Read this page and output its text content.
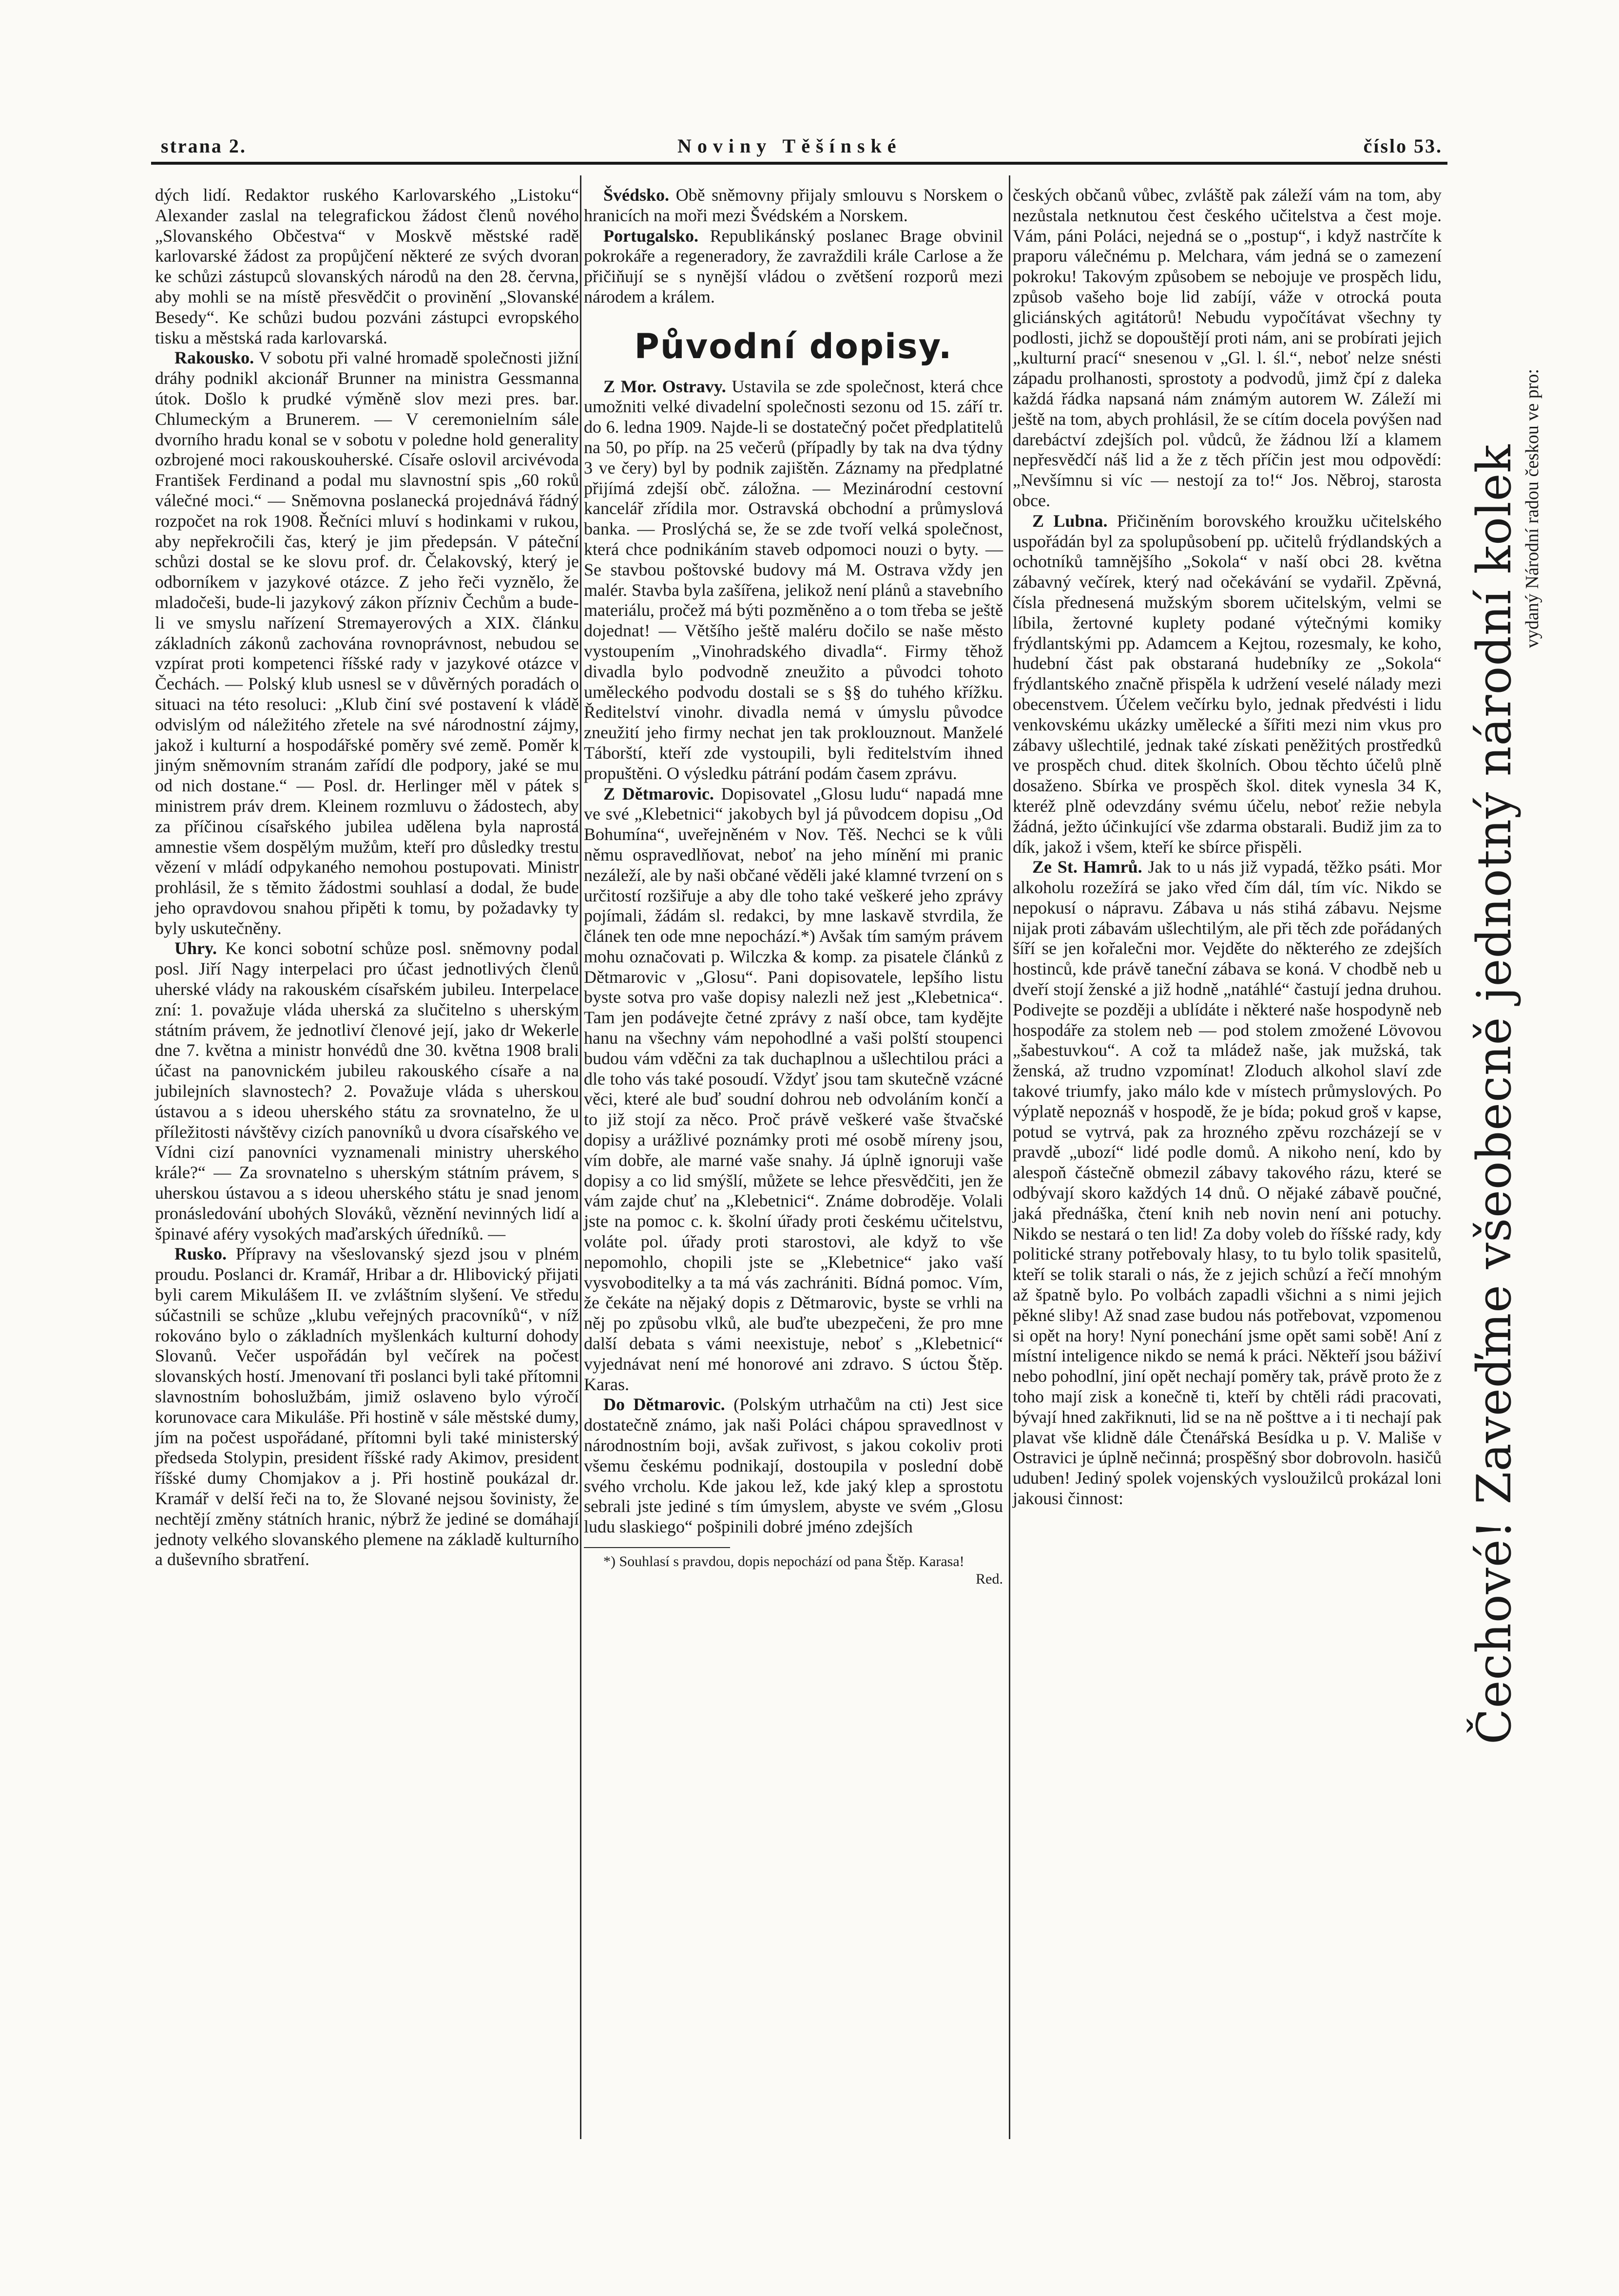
strana 2.	Noviny Těšínské	číslo 53.

dých lidí. Redaktor ruského Karlovarského „Listoku“ Alexander zaslal na telegrafickou žádost členů nového „Slovanského Občestva“ v Moskvě městské radě karlovarské žádost za propůjčení některé ze svých dvoran ke schůzi zástupců slovanských národů na den 28. června, aby mohli se na místě přesvědčit o provinění „Slovanské Besedy“. Ke schůzi budou pozváni zástupci evropského tisku a městská rada karlovarská.

Rakousko. V sobotu při valné hromadě společnosti jižní dráhy podnikl akcionář Brunner na ministra Gessmanna útok. Došlo k prudké výměně slov mezi pres. bar. Chlumeckým a Brunerem. — V ceremonielním sále dvorního hradu konal se v sobotu v poledne hold generality ozbrojené moci rakouskouherské. Císaře oslovil arcivévoda František Ferdinand a podal mu slavnostní spis „60 roků válečné moci.“ — Sněmovna poslanecká projednává řádný rozpočet na rok 1908. Řečníci mluví s hodinkami v rukou, aby nepřekročili čas, který je jim předepsán. V páteční schůzi dostal se ke slovu prof. dr. Čelakovský, který je odborníkem v jazykové otázce. Z jeho řeči vyznělo, že mladočeši, bude-li jazykový zákon přízniv Čechům a bude-li ve smyslu nařízení Stremayerových a XIX. článku základních zákonů zachována rovnoprávnost, nebudou se vzpírat proti kompetenci říšské rady v jazykové otázce v Čechách. — Polský klub usnesl se v důvěrných poradách o situaci na této resoluci: „Klub činí své postavení k vládě odvislým od náležitého zřetele na své národnostní zájmy, jakož i kulturní a hospodářské poměry své země. Poměr k jiným sněmovním stranám zařídí dle podpory, jaké se mu od nich dostane.“ — Posl. dr. Herlinger měl v pátek s ministrem práv drem. Kleinem rozmluvu o žádostech, aby za příčinou císařského jubilea udělena byla naprostá amnestie všem dospělým mužům, kteří pro důsledky trestu vězení v mládí odpykaného nemohou postupovati. Ministr prohlásil, že s těmito žádostmi souhlasí a dodal, že bude jeho opravdovou snahou připěti k tomu, by požadavky ty byly uskutečněny.

Uhry. Ke konci sobotní schůze posl. sněmovny podal posl. Jiří Nagy interpelaci pro účast jednotlivých členů uherské vlády na rakouském císařském jubileu. Interpelace zní: 1. považuje vláda uherská za slučitelno s uherským státním právem, že jednotliví členové její, jako dr Wekerle dne 7. května a ministr honvédů dne 30. května 1908 brali účast na panovnickém jubileu rakouského císaře a na jubilejních slavnostech? 2. Považuje vláda s uherskou ústavou a s ideou uherského státu za srovnatelno, že u příležitosti návštěvy cizích panovníků u dvora císařského ve Vídni cizí panovníci vyznamenali ministry uherského krále?“ — Za srovnatelno s uherským státním právem, s uherskou ústavou a s ideou uherského státu je snad jenom pronásledování ubohých Slováků, věznění nevinných lidí a špinavé aféry vysokých maďarských úředníků. —

Rusko. Přípravy na všeslovanský sjezd jsou v plném proudu. Poslanci dr. Kramář, Hribar a dr. Hlibovický přijati byli carem Mikulášem II. ve zvláštním slyšení. Ve středu súčastnili se schůze „klubu veřejných pracovníků“, v níž rokováno bylo o základních myšlenkách kulturní dohody Slovanů. Večer uspořádán byl večírek na počest slovanských hostí. Jmenovaní tři poslanci byli také přítomni slavnostním bohoslužbám, jimiž oslaveno bylo výročí korunovace cara Mikuláše. Při hostině v sále městské dumy, jím na počest uspořádané, přítomni byli také ministerský předseda Stolypin, president říšské rady Akimov, president říšské dumy Chomjakov a j. Při hostině poukázal dr. Kramář v delší řeči na to, že Slované nejsou šovinisty, že nechtějí změny státních hranic, nýbrž že jediné se domáhají jednoty velkého slovanského plemene na základě kulturního a duševního sbratření.

Švédsko. Obě sněmovny přijaly smlouvu s Norskem o hranicích na moři mezi Švédském a Norskem.

Portugalsko. Republikánský poslanec Brage obvinil pokrokáře a regeneradory, že zavraždili krále Carlose a že přičiňují se s nynější vládou o zvětšení rozporů mezi národem a králem.

Původní dopisy.

Z Mor. Ostravy. Ustavila se zde společnost, která chce umožniti velké divadelní společnosti sezonu od 15. září tr. do 6. ledna 1909. Najde-li se dostatečný počet předplatitelů na 50, po příp. na 25 večerů (případly by tak na dva týdny 3 ve čery) byl by podnik zajištěn. Záznamy na předplatné přijímá zdejší obč. záložna. — Mezinárodní cestovní kancelář zřídila mor. Ostravská obchodní a průmyslová banka. — Proslýchá se, že se zde tvoří velká společnost, která chce podnikáním staveb odpomoci nouzi o byty. — Se stavbou poštovské budovy má M. Ostrava vždy jen malér. Stavba byla zašířena, jelikož není plánů a stavebního materiálu, pročež má býti pozměněno a o tom třeba se ještě dojednat! — Většího ještě maléru dočilo se naše město vystoupením „Vinohradského divadla“. Firmy těhož divadla bylo podvodně zneužito a původci tohoto uměleckého podvodu dostali se s §§ do tuhého křížku. Ředitelství vinohr. divadla nemá v úmyslu původce zneužití jeho firmy nechat jen tak proklouznout. Manželé Táborští, kteří zde vystoupili, byli ředitelstvím ihned propuštěni. O výsledku pátrání podám časem zprávu.

Z Dětmarovic. Dopisovatel „Glosu ludu“ napadá mne ve své „Klebetnici“ jakobych byl já původcem dopisu „Od Bohumína“, uveřejněném v Nov. Těš. Nechci se k vůli němu ospravedlňovat, neboť na jeho mínění mi pranic nezáleží, ale by naši občané věděli jaké klamné tvrzení on s určitostí rozšiřuje a aby dle toho také veškeré jeho zprávy pojímali, žádám sl. redakci, by mne laskavě stvrdila, že článek ten ode mne nepochází.*) Avšak tím samým právem mohu označovati p. Wilczka & komp. za pisatele článků z Dětmarovic v „Glosu“. Pani dopisovatele, lepšího listu byste sotva pro vaše dopisy nalezli než jest „Klebetnica“. Tam jen podávejte četné zprávy z naší obce, tam kydějte hanu na všechny vám nepohodlné a vaši polští stoupenci budou vám vděčni za tak duchaplnou a ušlechtilou práci a dle toho vás také posoudí. Vždyť jsou tam skutečně vzácné věci, které ale buď soudní dohrou neb odvoláním končí a to již stojí za něco. Proč právě veškeré vaše štvačské dopisy a urážlivé poznámky proti mé osobě míreny jsou, vím dobře, ale marné vaše snahy. Já úplně ignoruji vaše dopisy a co lid smýšlí, můžete se lehce přesvědčiti, jen že vám zajde chuť na „Klebetnici“. Známe dobrodějе. Volali jste na pomoc c. k. školní úřady proti českému učitelstvu, voláte pol. úřady proti starostovi, ale když to vše nepomohlo, chopili jste se „Klebetnice“ jako vaší vysvoboditelky a ta má vás zachrániti. Bídná pomoc. Vím, že čekáte na nějaký dopis z Dětmarovic, byste se vrhli na něj po způsobu vlků, ale buďte ubezpečeni, že pro mne další debata s vámi neexistuje, neboť s „Klebetnicí“ vyjednávat není mé honorové ani zdravo. S úctou Štěp. Karas.

Do Dětmarovic. (Polským utrhačům na cti) Jest sice dostatečně známo, jak naši Poláci chápou spravedlnost v národnostním boji, avšak zuřivost, s jakou cokoliv proti všemu českému podnikají, dostoupila v poslední době svého vrcholu. Kde jakou lež, kde jaký klep a sprostotu sebrali jste jediné s tím úmyslem, abyste ve svém „Glosu ludu slaskiego“ pošpinili dobré jméno zdejších

*) Souhlasí s pravdou, dopis nepochází od pana Štěp. Karasa!
Red.

českých občanů vůbec, zvláště pak záleží vám na tom, aby nezůstala netknutou čest českého učitelstva a čest moje. Vám, páni Poláci, nejedná se o „postup“, i když nastrčíte k praporu válečnému p. Melchara, vám jedná se o zamezení pokroku! Takovým způsobem se nebojuje ve prospěch lidu, způsob vašeho boje lid zabíjí, váže v otrocká pouta gliciánských agitátorů! Nebudu vypočítávat všechny ty podlosti, jichž se dopouštějí proti nám, ani se probírati jejich „kulturní prací“ snesenou v „Gl. l. śl.“, neboť nelze snésti západu prolhanosti, sprostoty a podvodů, jimž čpí z daleka každá řádka napsaná nám známým autorem W. Záleží mi ještě na tom, abych prohlásil, že se cítím docela povýšen nad darebáctví zdejších pol. vůdců, že žádnou lží a klamem nepřesvědčí náš lid a že z těch příčin jest mou odpovědí: „Nevšímnu si víc — nestojí za to!“ Jos. Něbroj, starosta obce.

Z Lubna. Přičiněním borovského kroužku učitelského uspořádán byl za spolupůsobení pp. učitelů frýdlandských a ochotníků tamnějšího „Sokola“ v naší obci 28. května zábavný večírek, který nad očekávání se vydařil. Zpěvná, čísla přednesená mužským sborem učitelským, velmi se líbila, žertovné kuplety podané výtečnými komiky frýdlantskými pp. Adamcem a Kejtou, rozesmaly, ke koho, hudební část pak obstaraná hudebníky ze „Sokola“ frýdlantského značně přispěla k udržení veselé nálady mezi obecenstvem. Účelem večírku bylo, jednak předvésti i lidu venkovskému ukázky umělecké a šířiti mezi nim vkus pro zábavy ušlechtilé, jednak také získati peněžitých prostředků ve prospěch chud. ditek školních. Obou těchto účelů plně dosaženo. Sbírka ve prospěch škol. ditek vynesla 34 K, kteréž plně odevzdány svému účelu, neboť režie nebyla žádná, ježto účinkující vše zdarma obstarali. Budiž jim za to dík, jakož i všem, kteří ke sbírce přispěli.

Ze St. Hamrů. Jak to u nás již vypadá, těžko psáti. Mor alkoholu rozežírá se jako vřed čím dál, tím víc. Nikdo se nepokusí o nápravu. Zábava u nás stihá zábavu. Nejsme nijak proti zábavám ušlechtilým, ale při těch zde pořádaných šíří se jen kořalečni mor. Vejděte do některého ze zdejších hostinců, kde právě taneční zábava se koná. V chodbě neb u dveří stojí ženské a již hodně „natáhlé“ častují jedna druhou. Podivejte se později a ublídáte i některé naše hospodyně neb hospodáře za stolem neb — pod stolem zmožené Lövovou „šabestuvkou“. A což ta mládež naše, jak mužská, tak ženská, až trudno vzpomínat! Zloduch alkohol slaví zde takové triumfy, jako málo kde v místech průmyslových. Po výplatě nepoznáš v hospodě, že je bída; pokud groš v kapse, potud se vytrvá, pak za hrozného zpěvu rozcházejí se v pravdě „ubozí“ lidé podle domů. A nikoho není, kdo by alespoň částečně obmezil zábavy takového rázu, které se odbývají skoro každých 14 dnů. O nějaké zábavě poučné, jaká přednáška, čtení knih neb novin není ani potuchy. Nikdo se nestará o ten lid! Za doby voleb do říšské rady, kdy politické strany potřebovaly hlasy, to tu bylo tolik spasitelů, kteří se tolik starali o nás, že z jejich schůzí a řečí mnohým až špatně bylo. Po volbách zapadli všichni a s nimi jejich pěkné sliby! Až snad zase budou nás potřebovat, vzpomenou si opět na hory! Nyní ponechání jsme opět sami sobě! Aní z místní inteligence nikdo se nemá k práci. Někteří jsou báživí nebo pohodlní, jiní opět nechají poměry tak, právě proto že z toho mají zisk a konečně ti, kteří by chtěli rádi pracovati, bývají hned zakřiknuti, lid se na ně pošttve a i ti nechají pak plavat vše klidně dále Čtenářská Besídka u p. V. Mališe v Ostravici je úplně nečinná; prospěšný sbor dobrovoln. hasičů uduben! Jediný spolek vojenských vysloužilců prokázal loni jakousi činnost:	Čechové! Zaveďme všeobecně jednotný národní kolek vydaný Národní radou českou ve pro:
